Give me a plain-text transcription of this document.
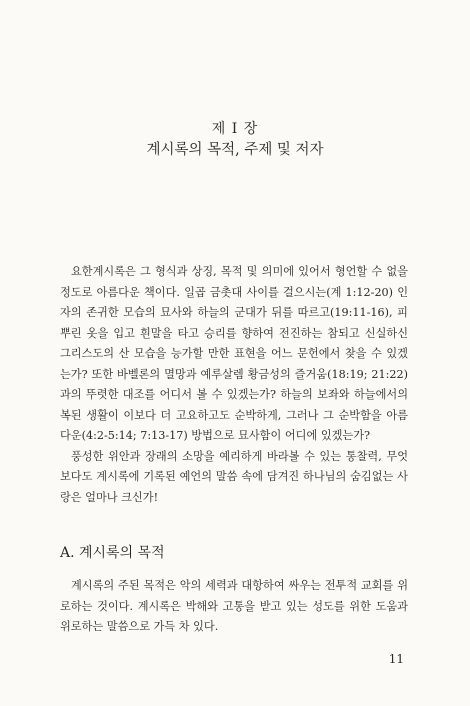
제 I 장
계시록의 목적, 주제 및 저자

요한계시록은 그 형식과 상징, 목적 및 의미에 있어서 형언할 수 없을 정도로 아름다운 책이다. 일곱 금촛대 사이를 걸으시는(계 1:12-20) 인자의 존귀한 모습의 묘사와 하늘의 군대가 뒤를 따르고(19:11-16), 피 뿌린 옷을 입고 흰말을 타고 승리를 향하여 전진하는 참되고 신실하신 그리스도의 산 모습을 능가할 만한 표현을 어느 문헌에서 찾을 수 있겠는가? 또한 바벨론의 멸망과 예루살렘 황금성의 즐거움(18:19; 21:22)과의 뚜렷한 대조를 어디서 볼 수 있겠는가? 하늘의 보좌와 하늘에서의 복된 생활이 이보다 더 고요하고도 순박하게, 그러나 그 순박함을 아름다운(4:2-5:14; 7:13-17) 방법으로 묘사함이 어디에 있겠는가?

풍성한 위안과 장래의 소망을 예리하게 바라볼 수 있는 통찰력, 무엇보다도 계시록에 기록된 예언의 말씀 속에 담겨진 하나님의 숨김없는 사랑은 얼마나 크신가!

A. 계시록의 목적

계시록의 주된 목적은 악의 세력과 대항하여 싸우는 전투적 교회를 위로하는 것이다. 계시록은 박해와 고통을 받고 있는 성도를 위한 도움과 위로하는 말씀으로 가득 차 있다.

11
